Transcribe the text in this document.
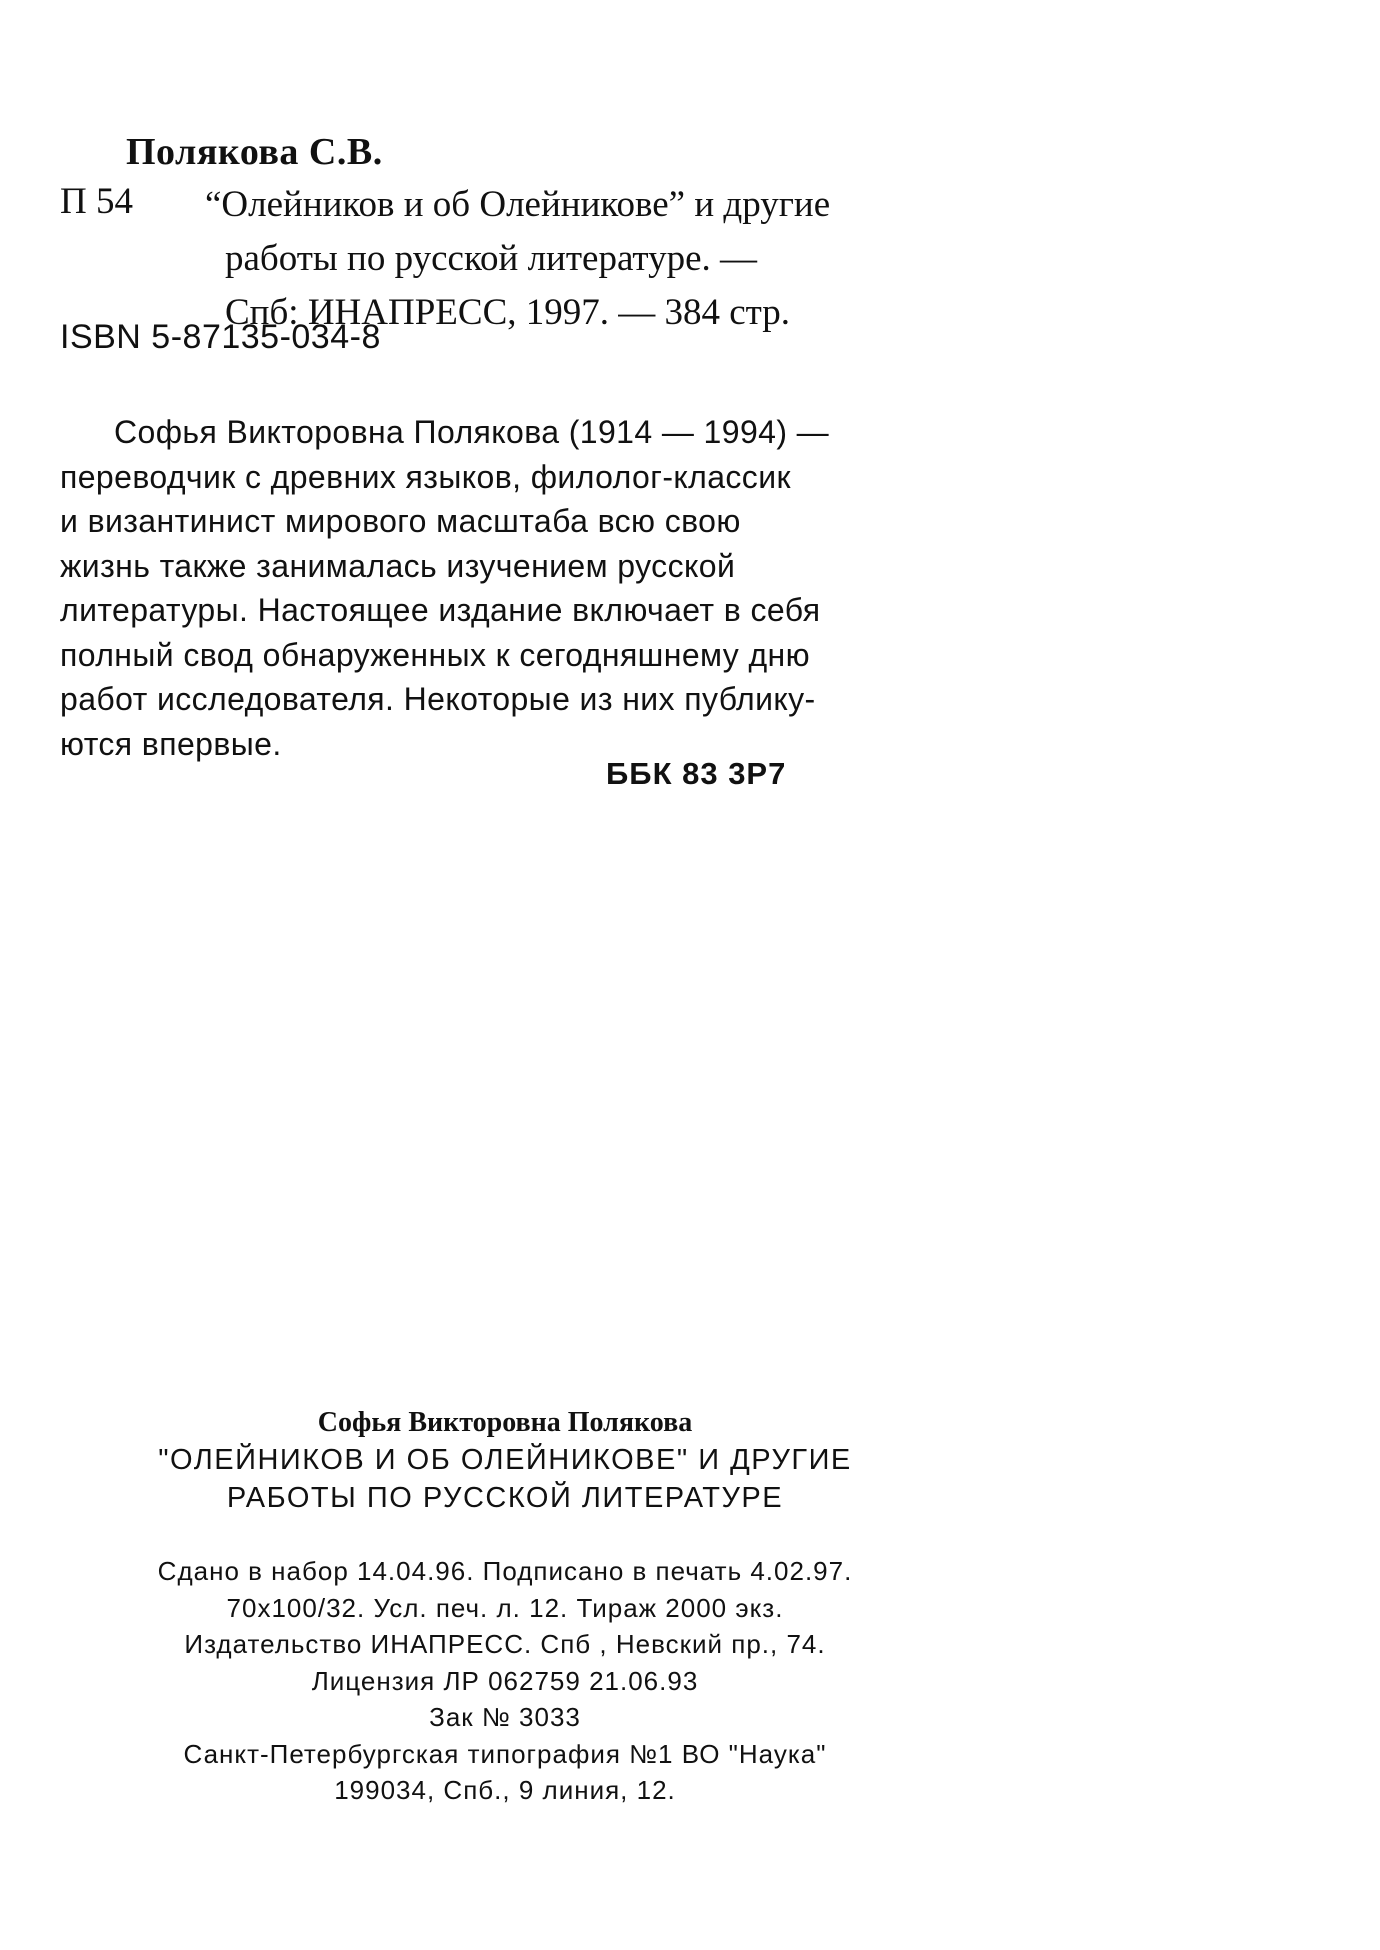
Полякова С.В.
П 54 “Олейников и об Олейникове” и другие
работы по русской литературе. —
Спб: ИНАПРЕСС, 1997. — 384 стр.
ISBN 5-87135-034-8
Софья Викторовна Полякова (1914 — 1994) —
переводчик с древних языков, филолог-классик
и византинист мирового масштаба всю свою
жизнь также занималась изучением русской
литературы. Настоящее издание включает в себя
полный свод обнаруженных к сегодняшнему дню
работ исследователя. Некоторые из них публику-
ются впервые.
ББК 83 3Р7
Софья Викторовна Полякова
"ОЛЕЙНИКОВ И ОБ ОЛЕЙНИКОВЕ" И ДРУГИЕ
РАБОТЫ ПО РУССКОЙ ЛИТЕРАТУРЕ
Сдано в набор 14.04.96. Подписано в печать 4.02.97.
70х100/32. Усл. печ. л. 12. Тираж 2000 экз.
Издательство ИНАПРЕСС. Спб , Невский пр., 74.
Лицензия ЛР 062759 21.06.93
Зак № 3033
Санкт-Петербургская типография №1 ВО "Наука"
199034, Спб., 9 линия, 12.
